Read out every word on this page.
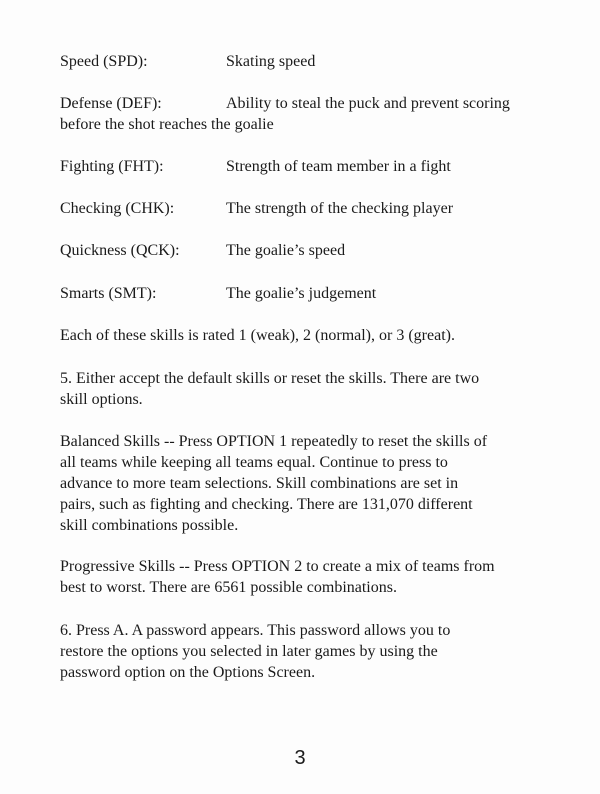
Speed (SPD):	Skating speed
Defense (DEF):	Ability to steal the puck and prevent scoring
before the shot reaches the goalie
Fighting (FHT):	Strength of team member in a fight
Checking (CHK):	The strength of the checking player
Quickness (QCK):	The goalie’s speed
Smarts (SMT):	The goalie’s judgement

Each of these skills is rated 1 (weak), 2 (normal), or 3 (great).

5. Either accept the default skills or reset the skills. There are two
skill options.
Balanced Skills -- Press OPTION 1 repeatedly to reset the skills of
all teams while keeping all teams equal. Continue to press to
advance to more team selections. Skill combinations are set in
pairs, such as fighting and checking. There are 131,070 different
skill combinations possible.
Progressive Skills -- Press OPTION 2 to create a mix of teams from
best to worst. There are 6561 possible combinations.
6. Press A. A password appears. This password allows you to
restore the options you selected in later games by using the
password option on the Options Screen.
3
